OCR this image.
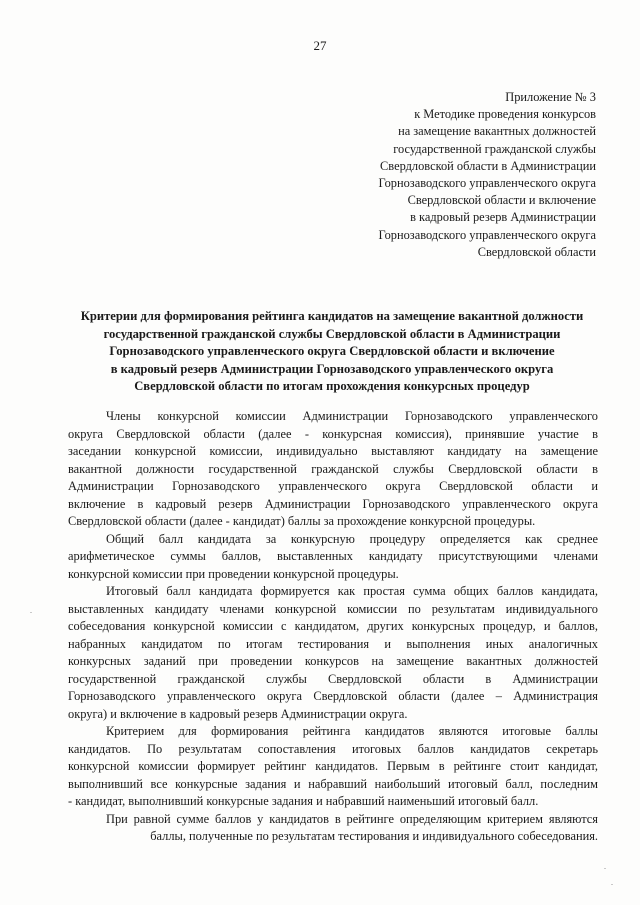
27
Приложение № 3
к Методике проведения конкурсов
на замещение вакантных должностей
государственной гражданской службы
Свердловской области в Администрации
Горнозаводского управленческого округа
Свердловской области и включение
в кадровый резерв Администрации
Горнозаводского управленческого округа
Свердловской области
Критерии для формирования рейтинга кандидатов на замещение вакантной должности
государственной гражданской службы Свердловской области в Администрации
Горнозаводского управленческого округа Свердловской области и включение
в кадровый резерв Администрации Горнозаводского управленческого округа
Свердловской области по итогам прохождения конкурсных процедур
Члены конкурсной комиссии Администрации Горнозаводского управленческого
округа Свердловской области (далее - конкурсная комиссия), принявшие участие в
заседании конкурсной комиссии, индивидуально выставляют кандидату на замещение
вакантной должности государственной гражданской службы Свердловской области в
Администрации Горнозаводского управленческого округа Свердловской области и
включение в кадровый резерв Администрации Горнозаводского управленческого округа
Свердловской области (далее - кандидат) баллы за прохождение конкурсной процедуры.
Общий балл кандидата за конкурсную процедуру определяется как среднее
арифметическое суммы баллов, выставленных кандидату присутствующими членами
конкурсной комиссии при проведении конкурсной процедуры.
Итоговый балл кандидата формируется как простая сумма общих баллов кандидата,
выставленных кандидату членами конкурсной комиссии по результатам индивидуального
собеседования конкурсной комиссии с кандидатом, других конкурсных процедур, и баллов,
набранных кандидатом по итогам тестирования и выполнения иных аналогичных
конкурсных заданий при проведении конкурсов на замещение вакантных должностей
государственной гражданской службы Свердловской области в Администрации
Горнозаводского управленческого округа Свердловской области (далее – Администрация
округа) и включение в кадровый резерв Администрации округа.
Критерием для формирования рейтинга кандидатов являются итоговые баллы
кандидатов. По результатам сопоставления итоговых баллов кандидатов секретарь
конкурсной комиссии формирует рейтинг кандидатов. Первым в рейтинге стоит кандидат,
выполнивший все конкурсные задания и набравший наибольший итоговый балл, последним
- кандидат, выполнивший конкурсные задания и набравший наименьший итоговый балл.
При равной сумме баллов у кандидатов в рейтинге определяющим критерием являются
баллы, полученные по результатам тестирования и индивидуального собеседования.
